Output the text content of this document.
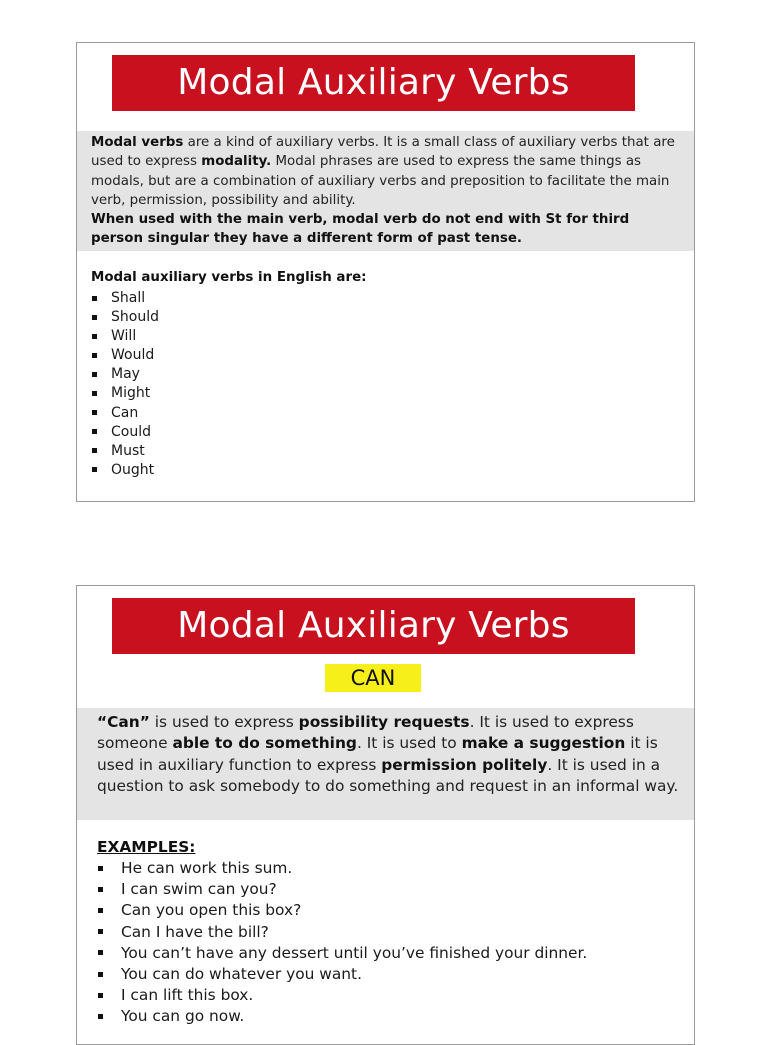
Modal Auxiliary Verbs
Modal verbs are a kind of auxiliary verbs. It is a small class of auxiliary verbs that are used to express modality. Modal phrases are used to express the same things as modals, but are a combination of auxiliary verbs and preposition to facilitate the main verb, permission, possibility and ability.
When used with the main verb, modal verb do not end with St for third person singular they have a different form of past tense.
Modal auxiliary verbs in English are:
Shall
Should
Will
Would
May
Might
Can
Could
Must
Ought
Modal Auxiliary Verbs
CAN
“Can” is used to express possibility requests. It is used to express someone able to do something. It is used to make a suggestion it is used in auxiliary function to express permission politely. It is used in a question to ask somebody to do something and request in an informal way.
EXAMPLES:
He can work this sum.
I can swim can you?
Can you open this box?
Can I have the bill?
You can’t have any dessert until you’ve finished your dinner.
You can do whatever you want.
I can lift this box.
You can go now.
